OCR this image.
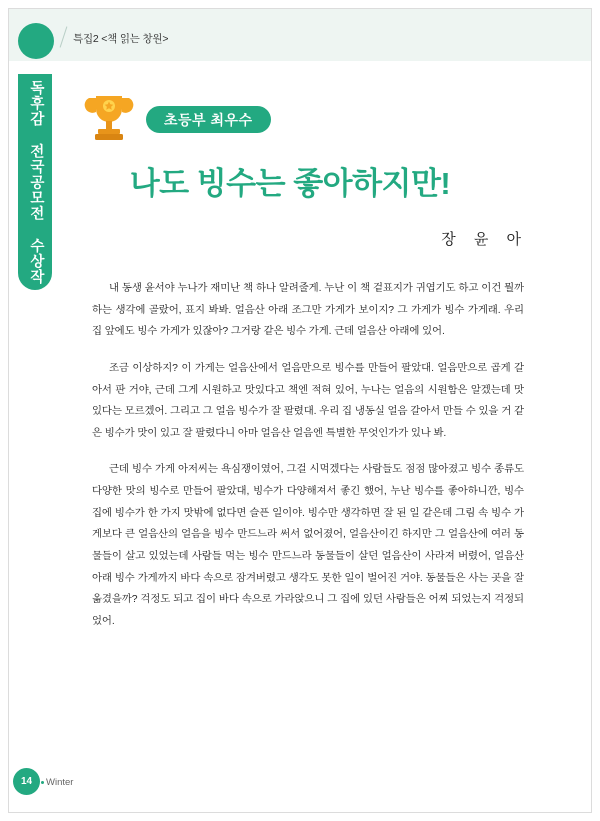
특집2 <책 읽는 창원>
독후감 전국공모전 수상작	초등부 최우수
나도 빙수는 좋아하지만!
장 윤 아

내 동생 윤서야 누나가 재미난 책 하나 알려줄게. 누난 이 책 겉표지가 귀엽기도 하고 이건 뭘까 하는 생각에 골랐어, 표지 봐봐. 얼음산 아래 조그만 가게가 보이지? 그 가게가 빙수 가게래. 우리 집 앞에도 빙수 가게가 있잖아? 그거랑 같은 빙수 가게. 근데 얼음산 아래에 있어.

조금 이상하지? 이 가게는 얼음산에서 얼음만으로 빙수를 만들어 팔았대. 얼음만으로 곱게 갈아서 판 거야, 근데 그게 시원하고 맛있다고 책엔 적혀 있어, 누나는 얼음의 시원함은 알겠는데 맛있다는 모르겠어. 그리고 그 얼음 빙수가 잘 팔렸대. 우리 집 냉동실 얼음 갈아서 만들 수 있을 거 같은 빙수가 맛이 있고 잘 팔렸다니 아마 얼음산 얼음엔 특별한 무엇인가가 있나 봐.

근데 빙수 가게 아저씨는 욕심쟁이였어, 그걸 시먹겠다는 사람들도 점점 많아졌고 빙수 종류도 다양한 맛의 빙수로 만들어 팔았대, 빙수가 다양해져서 좋긴 했어, 누난 빙수를 좋아하니깐, 빙수 집에 빙수가 한 가지 맛밖에 없다면 슬픈 일이야. 빙수만 생각하면 잘 된 일 같은데 그림 속 빙수 가게보다 큰 얼음산의 얼음을 빙수 만드느라 써서 없어졌어, 얼음산이긴 하지만 그 얼음산에 여러 동물들이 살고 있었는데 사람들 먹는 빙수 만드느라 동물들이 살던 얼음산이 사라져 버렸어, 얼음산 아래 빙수 가게까지 바다 속으로 잠겨버렸고 생각도 못한 일이 벌어진 거야. 동물들은 사는 곳을 잘 옮겼을까? 걱정도 되고 집이 바다 속으로 가라앉으니 그 집에 있던 사람들은 어찌 되었는지 걱정되었어.

14	Winter
